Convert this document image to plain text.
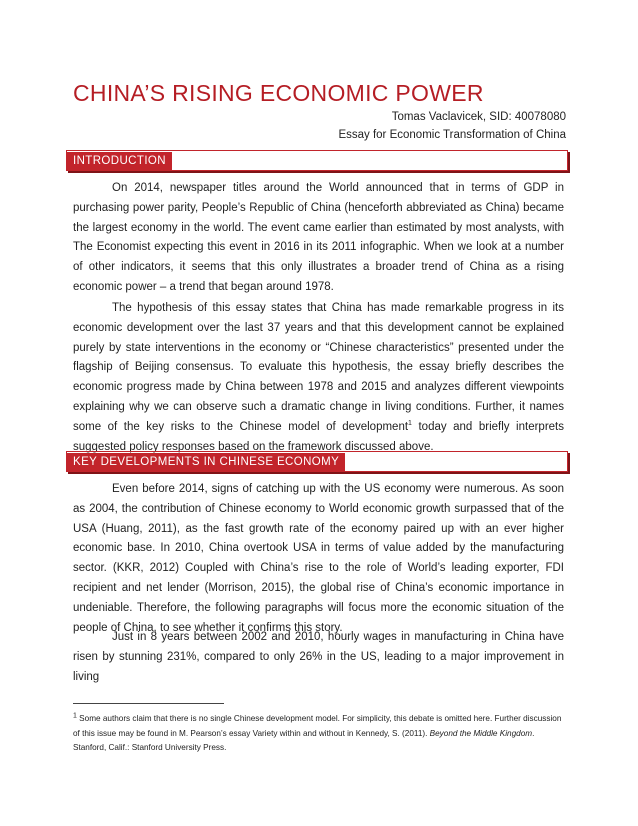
CHINA’S RISING ECONOMIC POWER
Tomas Vaclavicek, SID: 40078080
Essay for Economic Transformation of China
INTRODUCTION

On 2014, newspaper titles around the World announced that in terms of GDP in purchasing power parity, People’s Republic of China (henceforth abbreviated as China) became the largest economy in the world. The event came earlier than estimated by most analysts, with The Economist expecting this event in 2016 in its 2011 infographic. When we look at a number of other indicators, it seems that this only illustrates a broader trend of China as a rising economic power – a trend that began around 1978.

The hypothesis of this essay states that China has made remarkable progress in its economic development over the last 37 years and that this development cannot be explained purely by state interventions in the economy or “Chinese characteristics” presented under the flagship of Beijing consensus. To evaluate this hypothesis, the essay briefly describes the economic progress made by China between 1978 and 2015 and analyzes different viewpoints explaining why we can observe such a dramatic change in living conditions. Further, it names some of the key risks to the Chinese model of development$^1$ today and briefly interprets suggested policy responses based on the framework discussed above.

KEY DEVELOPMENTS IN CHINESE ECONOMY

Even before 2014, signs of catching up with the US economy were numerous. As soon as 2004, the contribution of Chinese economy to World economic growth surpassed that of the USA (Huang, 2011), as the fast growth rate of the economy paired up with an ever higher economic base. In 2010, China overtook USA in terms of value added by the manufacturing sector. (KKR, 2012) Coupled with China’s rise to the role of World’s leading exporter, FDI recipient and net lender (Morrison, 2015), the global rise of China’s economic importance in undeniable. Therefore, the following paragraphs will focus more the economic situation of the people of China, to see whether it confirms this story.

Just in 8 years between 2002 and 2010, hourly wages in manufacturing in China have risen by stunning 231%, compared to only 26% in the US, leading to a major improvement in living

$^1$ Some authors claim that there is no single Chinese development model. For simplicity, this debate is omitted here. Further discussion of this issue may be found in M. Pearson’s essay Variety within and without in Kennedy, S. (2011). Beyond the Middle Kingdom. Stanford, Calif.: Stanford University Press.
